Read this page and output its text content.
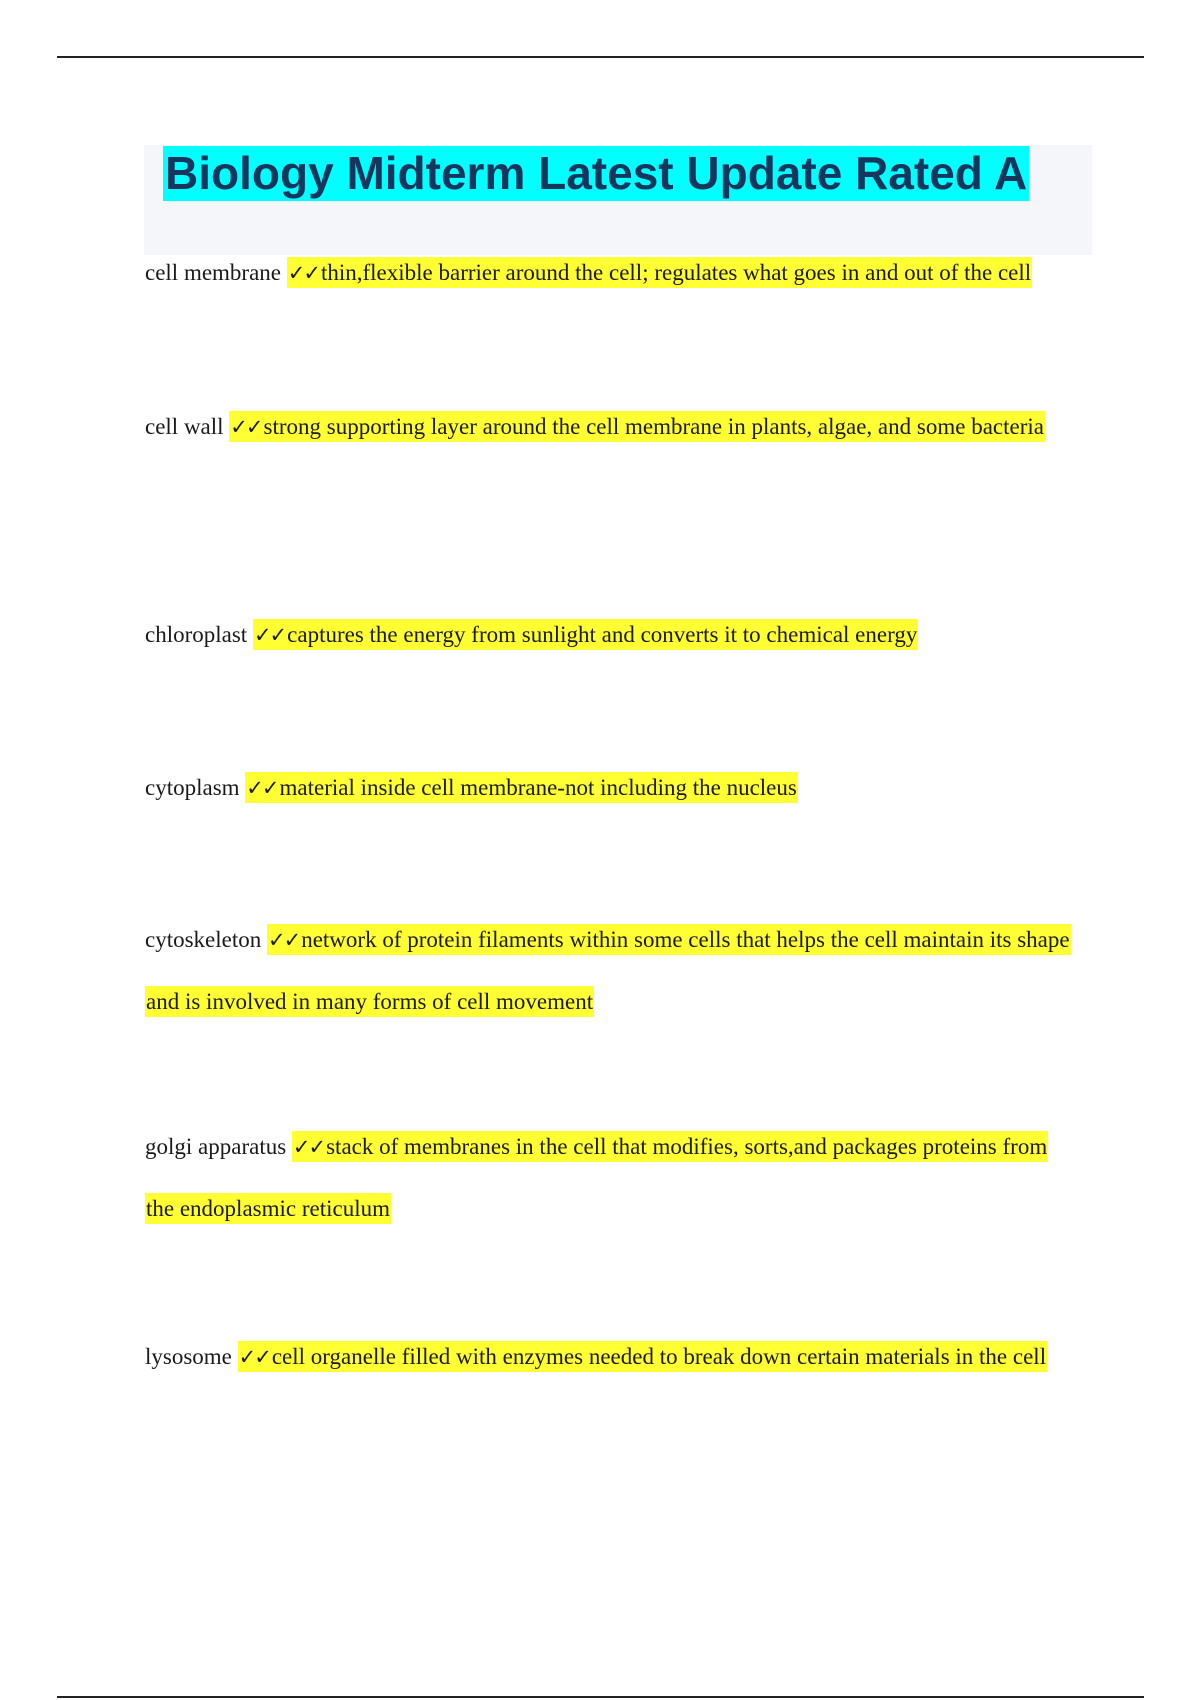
Biology Midterm Latest Update Rated A

cell membrane ✓✓thin,flexible barrier around the cell; regulates what goes in and out of the cell

cell wall ✓✓strong supporting layer around the cell membrane in plants, algae, and some bacteria

chloroplast ✓✓captures the energy from sunlight and converts it to chemical energy

cytoplasm ✓✓material inside cell membrane-not including the nucleus

cytoskeleton ✓✓network of protein filaments within some cells that helps the cell maintain its shape and is involved in many forms of cell movement

golgi apparatus ✓✓stack of membranes in the cell that modifies, sorts,and packages proteins from the endoplasmic reticulum

lysosome ✓✓cell organelle filled with enzymes needed to break down certain materials in the cell
